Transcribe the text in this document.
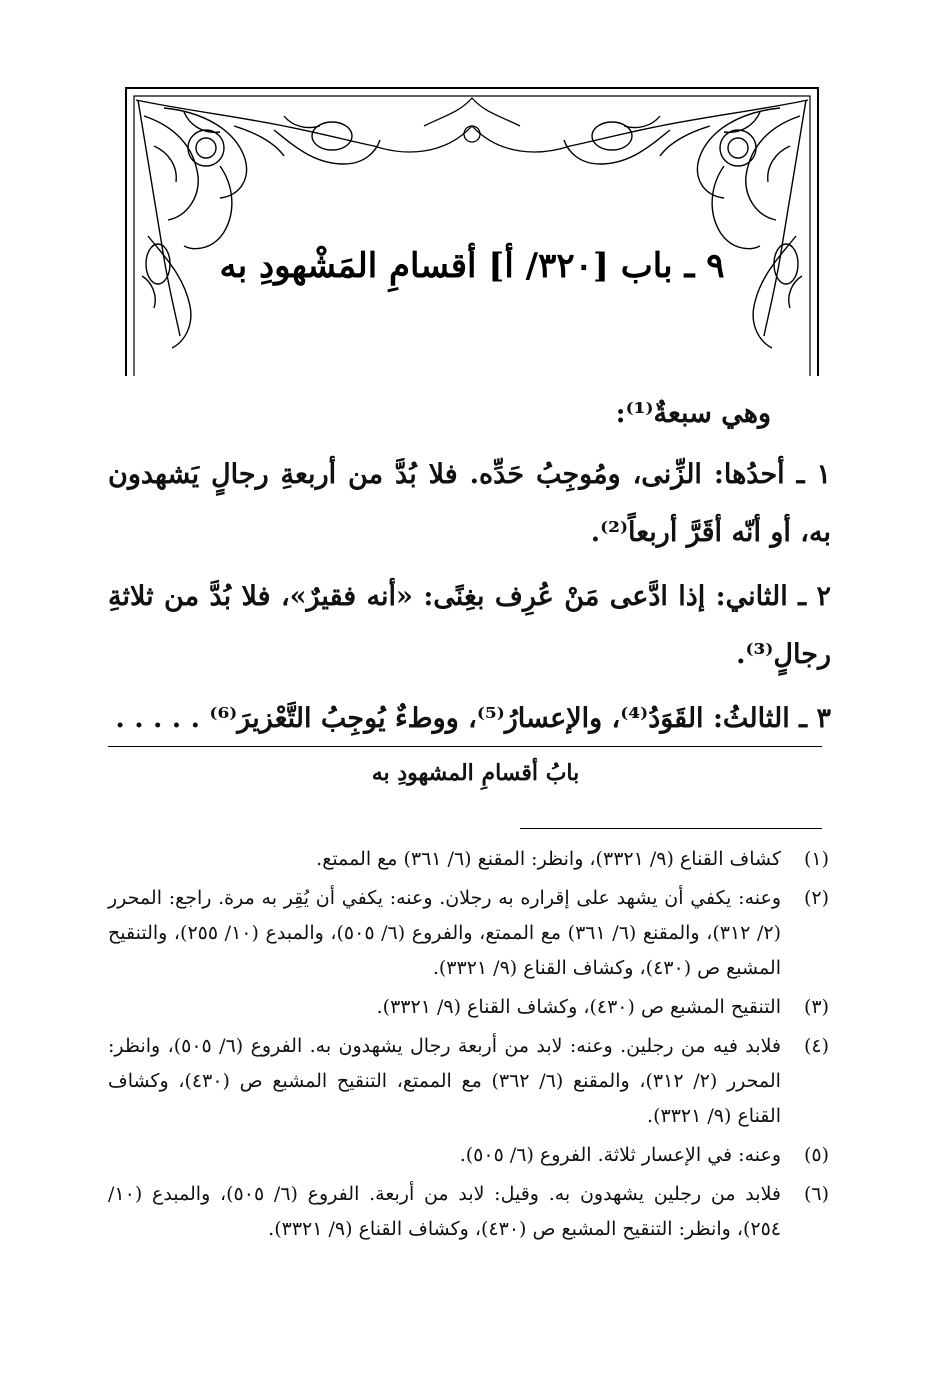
٩ ـ باب [٣٢٠/ أ] أقسامِ المَشْهودِ به

وهي سبعةٌ⁽¹⁾:

١ ـ أحدُها: الزِّنى، ومُوجِبُ حَدِّه. فلا بُدَّ من أربعةِ رجالٍ يَشهدون به، أو أنّه أقَرَّ أربعاً⁽²⁾.

٢ ـ الثاني: إذا ادَّعى مَنْ عُرِف بغِنًى: «أنه فقيرٌ»، فلا بُدَّ من ثلاثةِ رجالٍ⁽³⁾.

٣ ـ الثالثُ: القَوَدُ⁽⁴⁾، والإعسارُ⁽⁵⁾، ووطءٌ يُوجِبُ التَّعْزيرَ⁽⁶⁾ . . . . .

بابُ أقسامِ المشهودِ به
(١)
كشاف القناع (٩/ ٣٣٢١)، وانظر: المقنع (٦/ ٣٦١) مع الممتع.
(٢)
وعنه: يكفي أن يشهد على إقراره به رجلان. وعنه: يكفي أن يُقِر به مرة. راجع: المحرر (٢/ ٣١٢)، والمقنع (٦/ ٣٦١) مع الممتع، والفروع (٦/ ٥٠٥)، والمبدع (١٠/ ٢٥٥)، والتنقيح المشبع ص (٤٣٠)، وكشاف القناع (٩/ ٣٣٢١).
(٣)
التنقيح المشبع ص (٤٣٠)، وكشاف القناع (٩/ ٣٣٢١).
(٤)
فلابد فيه من رجلين. وعنه: لابد من أربعة رجال يشهدون به. الفروع (٦/ ٥٠٥)، وانظر: المحرر (٢/ ٣١٢)، والمقنع (٦/ ٣٦٢) مع الممتع، التنقيح المشبع ص (٤٣٠)، وكشاف القناع (٩/ ٣٣٢١).
(٥)
وعنه: في الإعسار ثلاثة. الفروع (٦/ ٥٠٥).
(٦)
فلابد من رجلين يشهدون به. وقيل: لابد من أربعة. الفروع (٦/ ٥٠٥)، والمبدع (١٠/ ٢٥٤)، وانظر: التنقيح المشبع ص (٤٣٠)، وكشاف القناع (٩/ ٣٣٢١).
